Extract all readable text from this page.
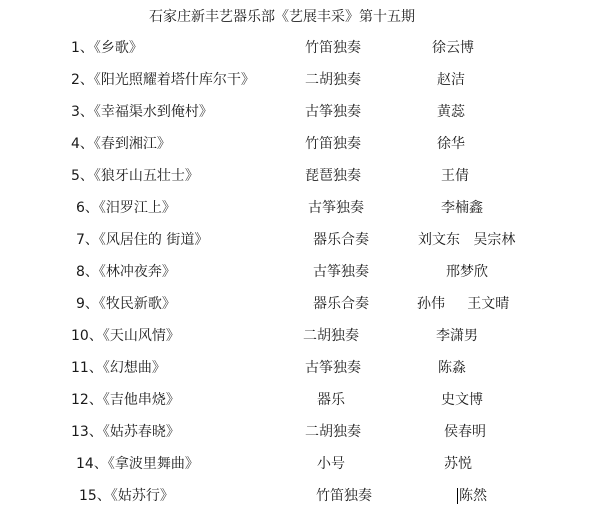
石家庄新丰艺器乐部《艺展丰采》第十五期
1、《乡歌》	竹笛独奏	徐云博
2、《阳光照耀着塔什库尔干》	二胡独奏	赵洁
3、《幸福渠水到俺村》	古筝独奏	黄蕊
4、《春到湘江》	竹笛独奏	徐华
5、《狼牙山五壮士》	琵琶独奏	王倩
6、《汨罗江上》	古筝独奏	李楠鑫
7、《风居住的 街道》	器乐合奏	刘文东   吴宗林
8、《林冲夜奔》	古筝独奏	邢梦欣
9、《牧民新歌》	器乐合奏	孙伟     王文晴
10、《天山风情》	二胡独奏	李潇男
11、《幻想曲》	古筝独奏	陈淼
12、《吉他串烧》	器乐	史文博
13、《姑苏春晓》	二胡独奏	侯春明
14、《拿波里舞曲》	小号	苏悦
15、《姑苏行》	竹笛独奏	陈然
